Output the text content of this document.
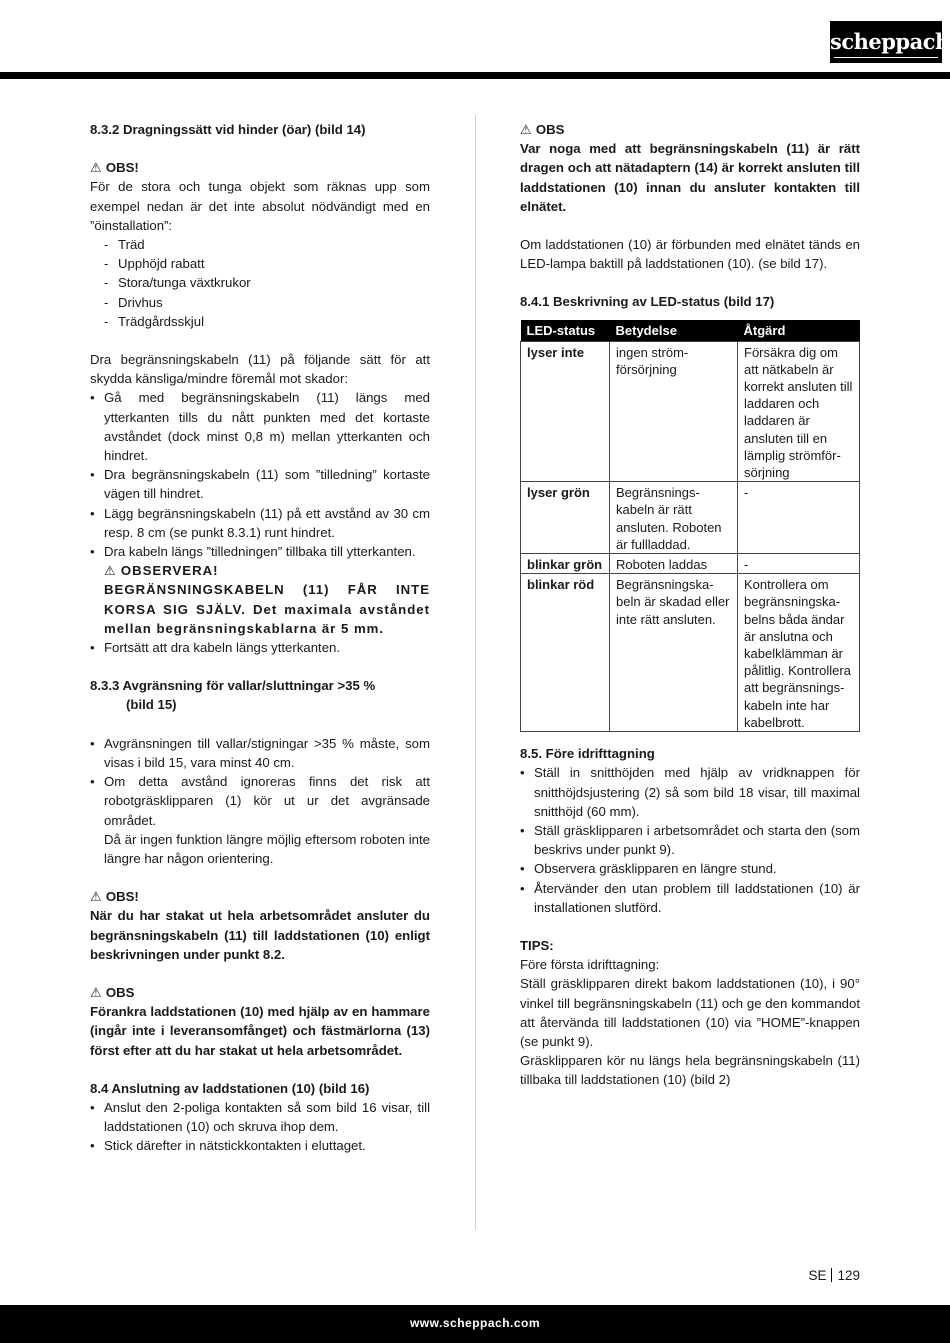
scheppach

8.3.2 Dragningssätt vid hinder (öar) (bild 14)

⚠ OBS!

För de stora och tunga objekt som räknas upp som exempel nedan är det inte absolut nödvändigt med en ”öinstallation”:

- Träd
- Upphöjd rabatt
- Stora/tunga växtkrukor
- Drivhus
- Trädgårdsskjul

Dra begränsningskabeln (11) på följande sätt för att skydda känsliga/mindre föremål mot skador:

• Gå med begränsningskabeln (11) längs med ytterkanten tills du nått punkten med det kortaste avståndet (dock minst 0,8 m) mellan ytterkanten och hindret.
• Dra begränsningskabeln (11) som ”tilledning” kortaste vägen till hindret.
• Lägg begränsningskabeln (11) på ett avstånd av 30 cm resp. 8 cm (se punkt 8.3.1) runt hindret.
• Dra kabeln längs ”tilledningen” tillbaka till ytterkanten.

⚠ OBSERVERA!

BEGRÄNSNINGSKABELN (11) FÅR INTE KORSA SIG SJÄLV. Det maximala avståndet mellan begränsningskablarna är 5 mm.

• Fortsätt att dra kabeln längs ytterkanten.

8.3.3 Avgränsning för vallar/sluttningar >35 %

(bild 15)

• Avgränsningen till vallar/stigningar >35 % måste, som visas i bild 15, vara minst 40 cm.
• Om detta avstånd ignoreras finns det risk att robotgräsklipparen (1) kör ut ur det avgränsade området.

Då är ingen funktion längre möjlig eftersom roboten inte längre har någon orientering.

⚠ OBS!

När du har stakat ut hela arbetsområdet ansluter du begränsningskabeln (11) till laddstationen (10) enligt beskrivningen under punkt 8.2.

⚠ OBS

Förankra laddstationen (10) med hjälp av en hammare (ingår inte i leveransomfånget) och fästmärlorna (13) först efter att du har stakat ut hela arbetsområdet.

8.4 Anslutning av laddstationen (10) (bild 16)

• Anslut den 2-poliga kontakten så som bild 16 visar, till laddstationen (10) och skruva ihop dem.
• Stick därefter in nätstickkontakten i eluttaget.

⚠ OBS

Var noga med att begränsningskabeln (11) är rätt dragen och att nätadaptern (14) är korrekt ansluten till laddstationen (10) innan du ansluter kontakten till elnätet.

Om laddstationen (10) är förbunden med elnätet tänds en LED-lampa baktill på laddstationen (10). (se bild 17).

8.4.1 Beskrivning av LED-status (bild 17)

LED-status	Betydelse	Åtgärd
lyser inte	ingen strömförsörjning	Försäkra dig om att nätkabeln är korrekt ansluten till laddaren och laddaren är ansluten till en lämplig strömförsörjning
lyser grön	Begränsningskabeln är rätt ansluten. Roboten är fullladdad.	-
blinkar grön	Roboten laddas	-
blinkar röd	Begränsningskabeln är skadad eller inte rätt ansluten.	Kontrollera om begränsningskabelns båda ändar är anslutna och kabelklämman är pålitlig. Kontrollera att begränsningskabeln inte har kabelbrott.

8.5. Före idrifttagning

• Ställ in snitthöjden med hjälp av vridknappen för snitthöjdsjustering (2) så som bild 18 visar, till maximal snitthöjd (60 mm).
• Ställ gräsklipparen i arbetsområdet och starta den (som beskrivs under punkt 9).
• Observera gräsklipparen en längre stund.
• Återvänder den utan problem till laddstationen (10) är installationen slutförd.

TIPS:

Före första idrifttagning:

Ställ gräsklipparen direkt bakom laddstationen (10), i 90° vinkel till begränsningskabeln (11) och ge den kommandot att återvända till laddstationen (10) via ”HOME”-knappen (se punkt 9).

Gräsklipparen kör nu längs hela begränsningskabeln (11) tillbaka till laddstationen (10) (bild 2)

SE 129
www.scheppach.com
